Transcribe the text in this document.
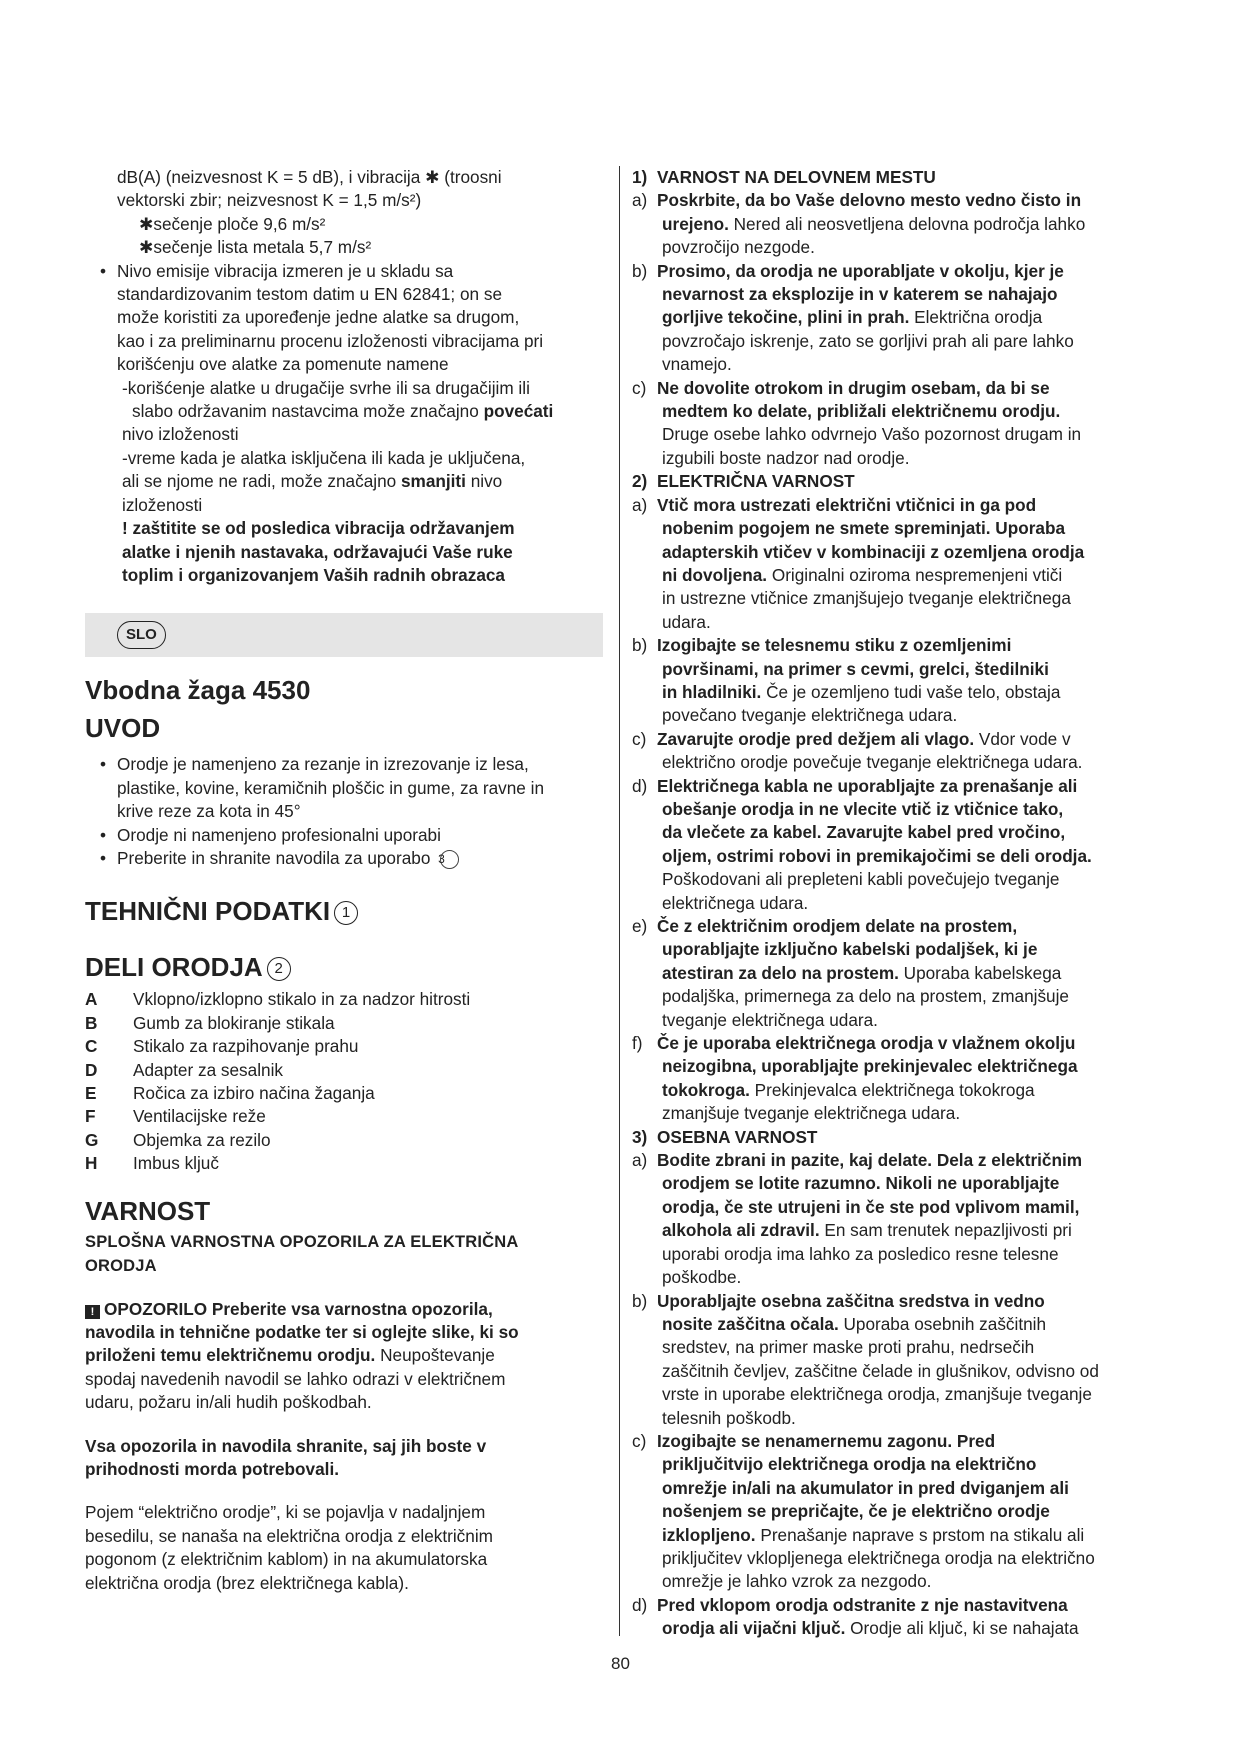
dB(A) (neizvesnost K = 5 dB), i vibracija ✱ (troosni
vektorski zbir; neizvesnost K = 1,5 m/s²)
✱sečenje ploče 9,6 m/s²
✱sečenje lista metala 5,7 m/s²
• Nivo emisije vibracija izmeren je u skladu sa
standardizovanim testom datim u EN 62841; on se
može koristiti za upoređenje jedne alatke sa drugom,
kao i za preliminarnu procenu izloženosti vibracijama pri
korišćenju ove alatke za pomenute namene
-korišćenje alatke u drugačije svrhe ili sa drugačijim ili
slabo održavanim nastavcima može značajno povećati
nivo izloženosti
-vreme kada je alatka isključena ili kada je uključena,
ali se njome ne radi, može značajno smanjiti nivo
izloženosti
! zaštitite se od posledica vibracija održavanjem
alatke i njenih nastavaka, održavajući Vaše ruke
toplim i organizovanjem Vaših radnih obrazaca
SLO
Vbodna žaga 4530
UVOD
• Orodje je namenjeno za rezanje in izrezovanje iz lesa,
plastike, kovine, keramičnih ploščic in gume, za ravne in
krive reze za kota in 45°
• Orodje ni namenjeno profesionalni uporabi
• Preberite in shranite navodila za uporabo 3
TEHNIČNI PODATKI 1
DELI ORODJA 2
A	Vklopno/izklopno stikalo in za nadzor hitrosti
B	Gumb za blokiranje stikala
C	Stikalo za razpihovanje prahu
D	Adapter za sesalnik
E	Ročica za izbiro načina žaganja
F	Ventilacijske reže
G	Objemka za rezilo
H	Imbus ključ
VARNOST
SPLOŠNA VARNOSTNA OPOZORILA ZA ELEKTRIČNA
ORODJA
! OPOZORILO Preberite vsa varnostna opozorila,
navodila in tehnične podatke ter si oglejte slike, ki so
priloženi temu električnemu orodju. Neupoštevanje
spodaj navedenih navodil se lahko odrazi v električnem
udaru, požaru in/ali hudih poškodbah.
Vsa opozorila in navodila shranite, saj jih boste v
prihodnosti morda potrebovali.
Pojem “električno orodje”, ki se pojavlja v nadaljnjem
besedilu, se nanaša na električna orodja z električnim
pogonom (z električnim kablom) in na akumulatorska
električna orodja (brez električnega kabla).
1) VARNOST NA DELOVNEM MESTU
a) Poskrbite, da bo Vaše delovno mesto vedno čisto in
urejeno. Nered ali neosvetljena delovna področja lahko
povzročijo nezgode.
b) Prosimo, da orodja ne uporabljate v okolju, kjer je
nevarnost za eksplozije in v katerem se nahajajo
gorljive tekočine, plini in prah. Električna orodja
povzročajo iskrenje, zato se gorljivi prah ali pare lahko
vnamejo.
c) Ne dovolite otrokom in drugim osebam, da bi se
medtem ko delate, približali električnemu orodju.
Druge osebe lahko odvrnejo Vašo pozornost drugam in
izgubili boste nadzor nad orodje.
2) ELEKTRIČNA VARNOST
a) Vtič mora ustrezati električni vtičnici in ga pod
nobenim pogojem ne smete spreminjati. Uporaba
adapterskih vtičev v kombinaciji z ozemljena orodja
ni dovoljena. Originalni oziroma nespremenjeni vtiči
in ustrezne vtičnice zmanjšujejo tveganje električnega
udara.
b) Izogibajte se telesnemu stiku z ozemljenimi
površinami, na primer s cevmi, grelci, štedilniki
in hladilniki. Če je ozemljeno tudi vaše telo, obstaja
povečano tveganje električnega udara.
c) Zavarujte orodje pred dežjem ali vlago. Vdor vode v
električno orodje povečuje tveganje električnega udara.
d) Električnega kabla ne uporabljajte za prenašanje ali
obešanje orodja in ne vlecite vtič iz vtičnice tako,
da vlečete za kabel. Zavarujte kabel pred vročino,
oljem, ostrimi robovi in premikajočimi se deli orodja.
Poškodovani ali prepleteni kabli povečujejo tveganje
električnega udara.
e) Če z električnim orodjem delate na prostem,
uporabljajte izključno kabelski podaljšek, ki je
atestiran za delo na prostem. Uporaba kabelskega
podaljška, primernega za delo na prostem, zmanjšuje
tveganje električnega udara.
f) Če je uporaba električnega orodja v vlažnem okolju
neizogibna, uporabljajte prekinjevalec električnega
tokokroga. Prekinjevalca električnega tokokroga
zmanjšuje tveganje električnega udara.
3) OSEBNA VARNOST
a) Bodite zbrani in pazite, kaj delate. Dela z električnim
orodjem se lotite razumno. Nikoli ne uporabljajte
orodja, če ste utrujeni in če ste pod vplivom mamil,
alkohola ali zdravil. En sam trenutek nepazljivosti pri
uporabi orodja ima lahko za posledico resne telesne
poškodbe.
b) Uporabljajte osebna zaščitna sredstva in vedno
nosite zaščitna očala. Uporaba osebnih zaščitnih
sredstev, na primer maske proti prahu, nedrsečih
zaščitnih čevljev, zaščitne čelade in glušnikov, odvisno od
vrste in uporabe električnega orodja, zmanjšuje tveganje
telesnih poškodb.
c) Izogibajte se nenamernemu zagonu. Pred
priključitvijo električnega orodja na električno
omrežje in/ali na akumulator in pred dviganjem ali
nošenjem se prepričajte, če je električno orodje
izklopljeno. Prenašanje naprave s prstom na stikalu ali
priključitev vklopljenega električnega orodja na električno
omrežje je lahko vzrok za nezgodo.
d) Pred vklopom orodja odstranite z nje nastavitvena
orodja ali vijačni ključ. Orodje ali ključ, ki se nahajata
80
